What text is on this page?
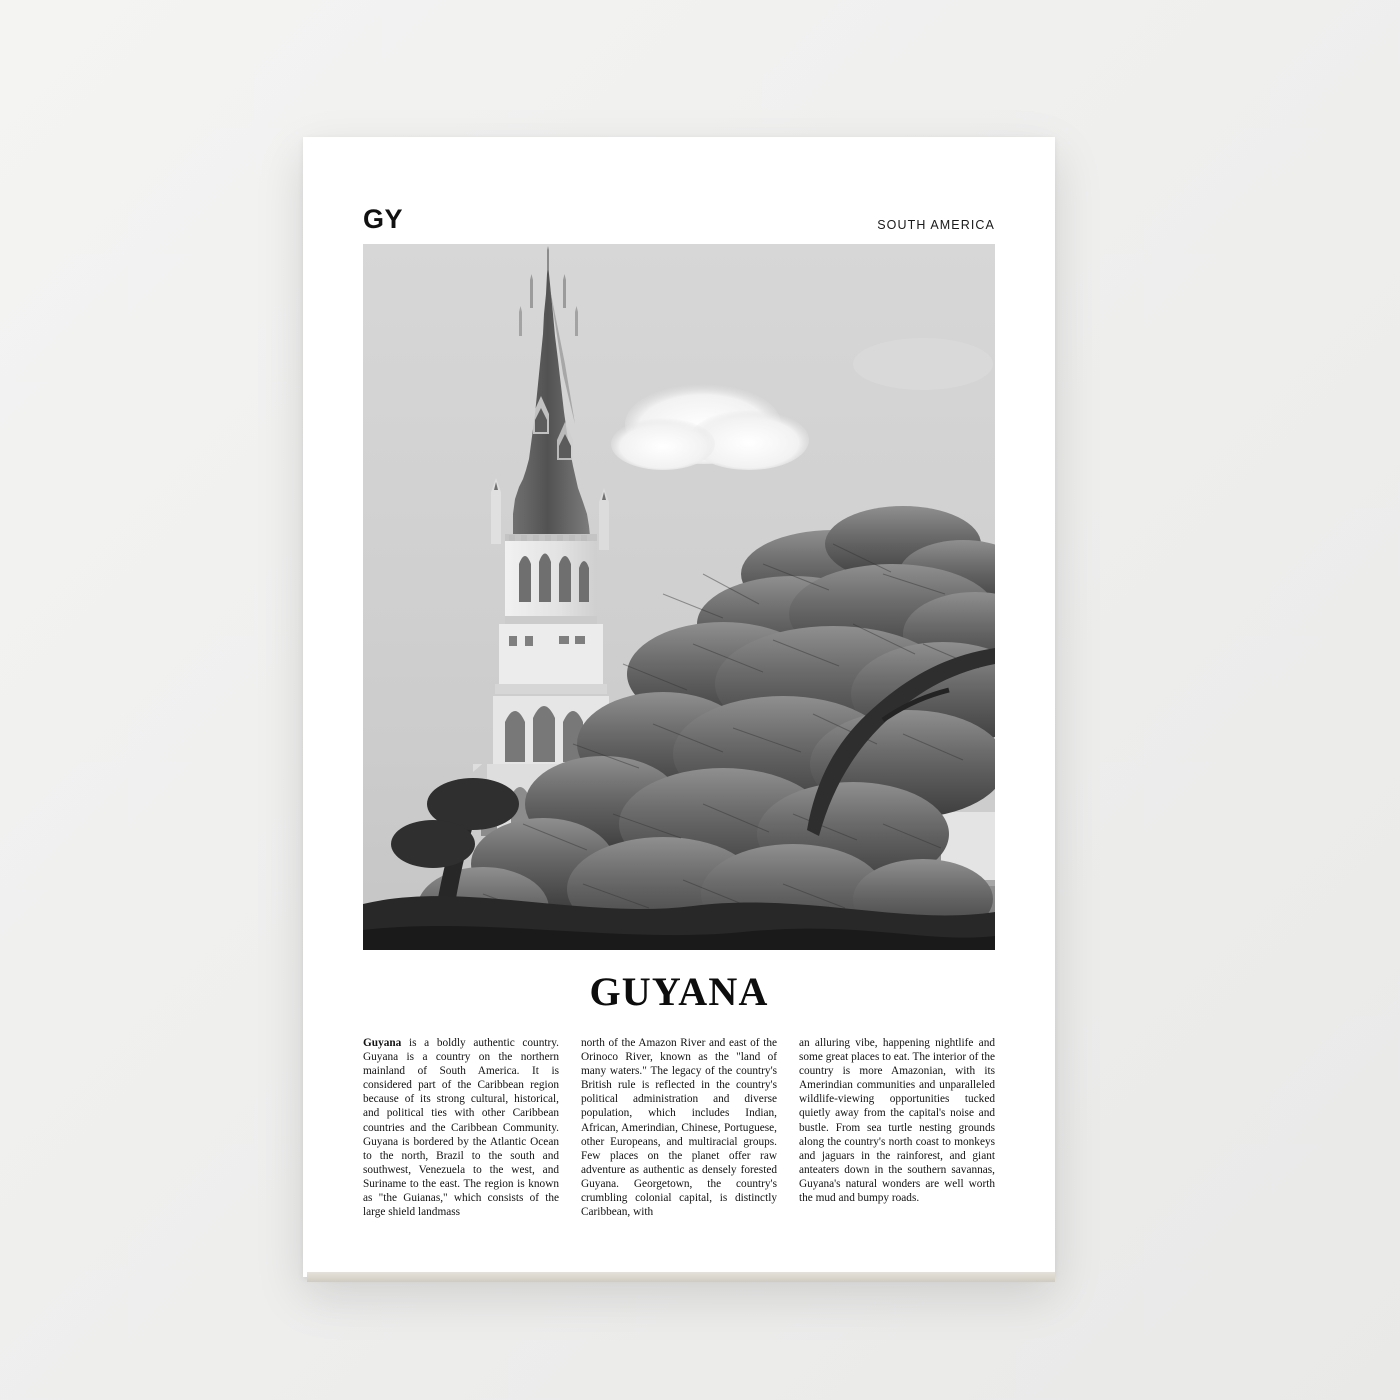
GY	SOUTH AMERICA
GUYANA
Guyana is a boldly authentic country. Guyana is a country on the northern mainland of South America. It is considered part of the Caribbean region because of its strong cultural, historical, and political ties with other Caribbean countries and the Caribbean Community. Guyana is bordered by the Atlantic Ocean to the north, Brazil to the south and southwest, Venezuela to the west, and Suriname to the east. The region is known as "the Guianas," which consists of the large shield landmass
north of the Amazon River and east of the Orinoco River, known as the "land of many waters." The legacy of the country's British rule is reflected in the country's political administration and diverse population, which includes Indian, African, Amerindian, Chinese, Portuguese, other Europeans, and multiracial groups. Few places on the planet offer raw adventure as authentic as densely forested Guyana. Georgetown, the country's crumbling colonial capital, is distinctly Caribbean, with
an alluring vibe, happening nightlife and some great places to eat. The interior of the country is more Amazonian, with its Amerindian communities and unparalleled wildlife-viewing opportunities tucked quietly away from the capital's noise and bustle. From sea turtle nesting grounds along the country's north coast to monkeys and jaguars in the rainforest, and giant anteaters down in the southern savannas, Guyana's natural wonders are well worth the mud and bumpy roads.
